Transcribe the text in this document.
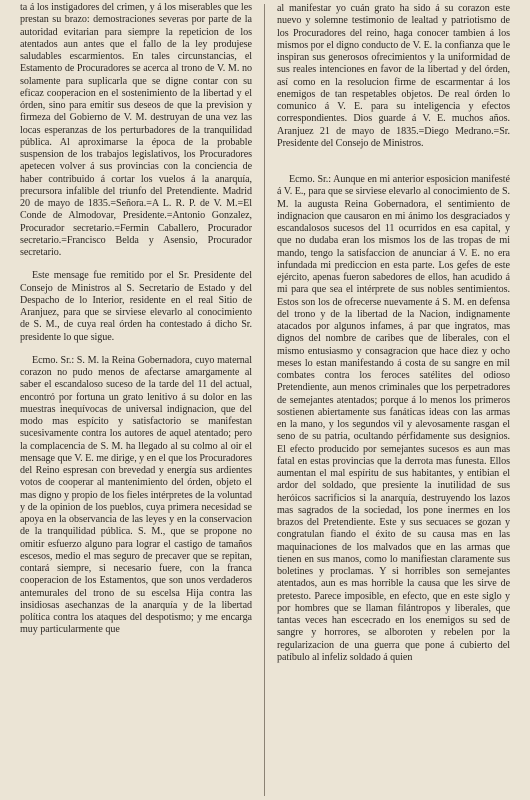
ta á los instigadores del crimen, y á los miserables que les prestan su brazo: demostraciones severas por parte de la autoridad evitarian para siempre la repeticion de los atentados aun antes que el fallo de la ley produjese saludables escarmientos. En tales circunstancias, el Estamento de Procuradores se acerca al trono de V. M. no solamente para suplicarla que se digne contar con su eficaz cooperacion en el sostenimiento de la libertad y el órden, sino para emitir sus deseos de que la prevision y firmeza del Gobierno de V. M. destruyan de una vez las locas esperanzas de los perturbadores de la tranquilidad pública. Al aproximarse la época de la probable suspension de los trabajos legislativos, los Procuradores apetecen volver á sus provincias con la conciencia de haber contribuido á cortar los vuelos á la anarquía, precursora infalible del triunfo del Pretendiente. Madrid 20 de mayo de 1835.=Señora.=A L. R. P. de V. M.=El Conde de Almodovar, Presidente.=Antonio Gonzalez, Procurador secretario.=Fermin Caballero, Procurador secretario.=Francisco Belda y Asensio, Procurador secretario.

Este mensage fue remitido por el Sr. Presidente del Consejo de Ministros al S. Secretario de Estado y del Despacho de lo Interior, residente en el real Sitio de Aranjuez, para que se sirviese elevarlo al conocimiento de S. M., de cuya real órden ha contestado á dicho Sr. presidente lo que sigue.

Ecmo. Sr.: S. M. la Reina Gobernadora, cuyo maternal corazon no pudo menos de afectarse amargamente al saber el escandaloso suceso de la tarde del 11 del actual, encontró por fortuna un grato lenitivo á su dolor en las muestras inequívocas de universal indignacion, que del modo mas espícito y satisfactorio se manifestan sucesivamente contra los autores de aquel atentado; pero la complacencia de S. M. ha llegado al su colmo al oir el mensage que V. E. me dirige, y en el que los Procuradores del Reino espresan con brevedad y energía sus ardientes votos de cooperar al mantenimiento del órden, objeto el mas digno y propio de los fieles intérpretes de la voluntad y de la opinion de los pueblos, cuya primera necesidad se apoya en la observancia de las leyes y en la conservacion de la tranquilidad pública. S. M., que se propone no omitir esfuerzo alguno para lograr el castigo de tamaños escesos, medio el mas seguro de precaver que se repitan, contará siempre, si necesario fuere, con la franca cooperacion de los Estamentos, que son unos verdaderos antemurales del trono de su escelsa Hija contra las insidiosas asechanzas de la anarquía y de la libertad política contra los ataques del despotismo; y me encarga muy particularmente que

al manifestar yo cuán grato ha sido á su corazon este nuevo y solemne testimonio de lealtad y patriotismo de los Procuradores del reino, haga conocer tambien á los mismos por el digno conducto de V. E. la confianza que le inspiran sus generosos ofrecimientos y la uniformidad de sus reales intenciones en favor de la libertad y del órden, así como en la resolucion firme de escarmentar á los enemigos de tan respetables objetos. De real órden lo comunico á V. E. para su inteligencia y efectos correspondientes. Dios guarde á V. E. muchos años. Aranjuez 21 de mayo de 1835.=Diego Medrano.=Sr. Presidente del Consejo de Ministros.

Ecmo. Sr.: Aunque en mi anterior esposicion manifesté á V. E., para que se sirviese elevarlo al conocimiento de S. M. la augusta Reina Gobernadora, el sentimiento de indignacion que causaron en mi ánimo los desgraciados y escandalosos sucesos del 11 ocurridos en esa capital, y que no dudaba eran los mismos los de las tropas de mi mando, tengo la satisfaccion de anunciar á V. E. no era infundada mi prediccion en esta parte. Los gefes de este ejército, apenas fueron sabedores de ellos, han acudido á mi para que sea el intérprete de sus nobles sentimientos. Estos son los de ofrecerse nuevamente á S. M. en defensa del trono y de la libertad de la Nacion, indignamente atacados por algunos infames, á par que ingratos, mas dignos del nombre de caribes que de liberales, con el mismo entusiasmo y consagracion que hace diez y ocho meses lo estan manifestando á costa de su sangre en mil combates contra los feroces satélites del odioso Pretendiente, aun menos criminales que los perpetradores de semejantes atentados; porque á lo menos los primeros sostienen abiertamente sus fanáticas ideas con las armas en la mano, y los segundos vil y alevosamente rasgan el seno de su patria, ocultando pérfidamente sus designios. El efecto producido por semejantes sucesos es aun mas fatal en estas provincias que la derrota mas funesta. Ellos aumentan el mal espíritu de sus habitantes, y entibian el ardor del soldado, que presiente la inutilidad de sus heróicos sacrificios si la anarquía, destruyendo los lazos mas sagrados de la sociedad, los pone inermes en los brazos del Pretendiente. Este y sus secuaces se gozan y congratulan fiando el éxito de su causa mas en las maquinaciones de los malvados que en las armas que tienen en sus manos, como lo manifiestan claramente sus boletines y proclamas. Y si horribles son semejantes atentados, aun es mas horrible la causa que les sirve de pretesto. Parece imposible, en efecto, que en este siglo y por hombres que se llaman filántropos y liberales, que tantas veces han escecrado en los enemigos su sed de sangre y horrores, se alboroten y rebelen por la regularizacion de una guerra que pone á cubierto del patíbulo al infeliz soldado á quien
